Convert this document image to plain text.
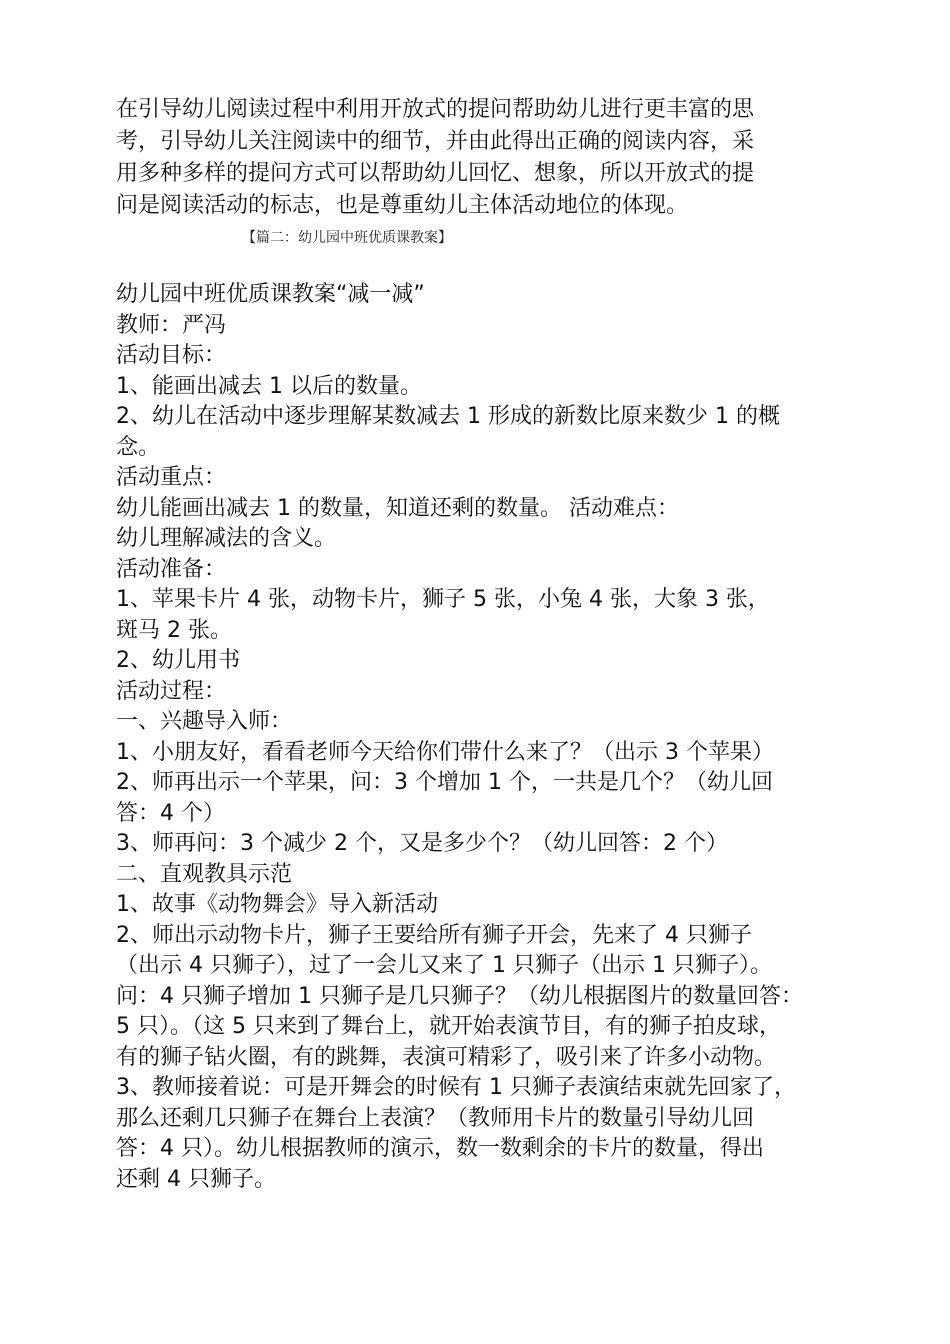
在引导幼儿阅读过程中利用开放式的提问帮助幼儿进行更丰富的思

考，引导幼儿关注阅读中的细节，并由此得出正确的阅读内容，采

用多种多样的提问方式可以帮助幼儿回忆、想象，所以开放式的提

问是阅读活动的标志，也是尊重幼儿主体活动地位的体现。

【篇二：幼儿园中班优质课教案】

幼儿园中班优质课教案“减一减”

教师：严冯

活动目标：

1、能画出减去 1 以后的数量。

2、幼儿在活动中逐步理解某数减去 1 形成的新数比原来数少 1 的概

念。

活动重点：

幼儿能画出减去 1 的数量，知道还剩的数量。 活动难点：

幼儿理解减法的含义。

活动准备：

1、苹果卡片 4 张，动物卡片，狮子 5 张，小兔 4 张，大象 3 张，

斑马 2 张。

2、幼儿用书

活动过程：

一、兴趣导入师：

1、小朋友好，看看老师今天给你们带什么来了？（出示 3 个苹果）

2、师再出示一个苹果，问：3 个增加 1 个，一共是几个？（幼儿回

答：4 个）

3、师再问：3 个减少 2 个，又是多少个？（幼儿回答：2 个）

二、直观教具示范

1、故事《动物舞会》导入新活动

2、师出示动物卡片，狮子王要给所有狮子开会，先来了 4 只狮子

（出示 4 只狮子），过了一会儿又来了 1 只狮子（出示 1 只狮子）。

问：4 只狮子增加 1 只狮子是几只狮子？（幼儿根据图片的数量回答：

5 只）。（这 5 只来到了舞台上，就开始表演节目，有的狮子拍皮球，

有的狮子钻火圈，有的跳舞，表演可精彩了，吸引来了许多小动物。

3、教师接着说：可是开舞会的时候有 1 只狮子表演结束就先回家了，

那么还剩几只狮子在舞台上表演？（教师用卡片的数量引导幼儿回

答：4 只）。幼儿根据教师的演示，数一数剩余的卡片的数量，得出

还剩 4 只狮子。
